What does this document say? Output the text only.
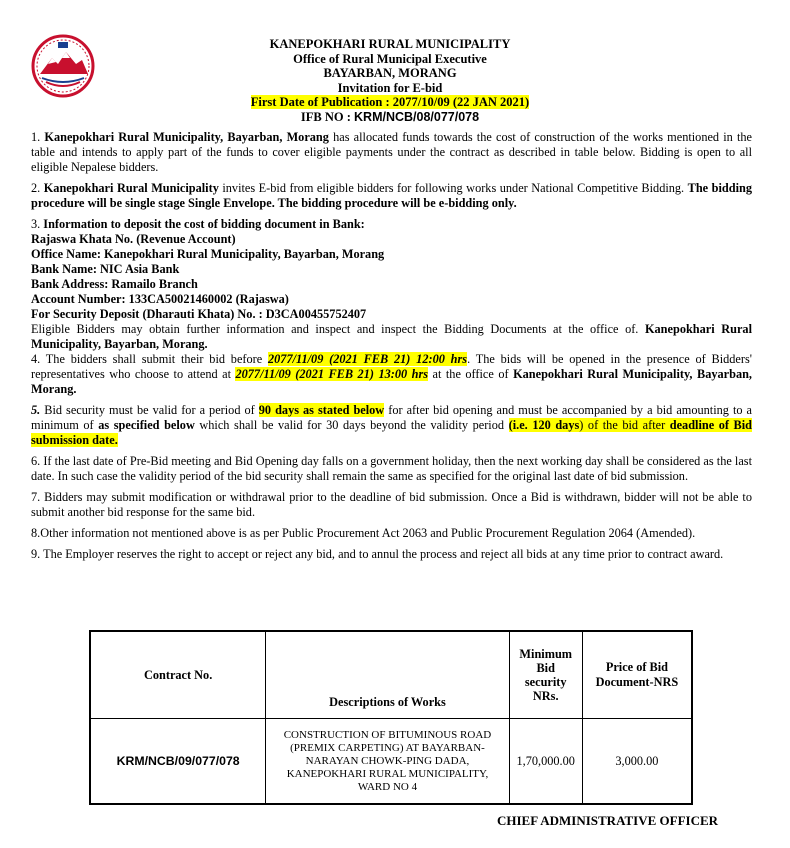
KANEPOKHARI RURAL MUNICIPALITY
Office of Rural Municipal Executive
BAYARBAN, MORANG
Invitation for E-bid
First Date of Publication : 2077/10/09 (22 JAN 2021)
IFB NO : KRM/NCB/08/077/078

1. Kanepokhari Rural Municipality, Bayarban, Morang has allocated funds towards the cost of construction of the works mentioned in the table and intends to apply part of the funds to cover eligible payments under the contract as described in table below. Bidding is open to all eligible Nepalese bidders.

2. Kanepokhari Rural Municipality invites E-bid from eligible bidders for following works under National Competitive Bidding. The bidding procedure will be single stage Single Envelope. The bidding procedure will be e-bidding only.

3. Information to deposit the cost of bidding document in Bank:
Rajaswa Khata No. (Revenue Account)
Office Name: Kanepokhari Rural Municipality, Bayarban, Morang
Bank Name: NIC Asia Bank
Bank Address: Ramailo Branch
Account Number: 133CA50021460002 (Rajaswa)
For Security Deposit (Dharauti Khata) No. : D3CA00455752407
Eligible Bidders may obtain further information and inspect and inspect the Bidding Documents at the office of. Kanepokhari Rural Municipality, Bayarban, Morang.

4. The bidders shall submit their bid before 2077/11/09 (2021 FEB 21) 12:00 hrs. The bids will be opened in the presence of Bidders' representatives who choose to attend at 2077/11/09 (2021 FEB 21) 13:00 hrs at the office of Kanepokhari Rural Municipality, Bayarban, Morang.

5. Bid security must be valid for a period of 90 days as stated below for after bid opening and must be accompanied by a bid amounting to a minimum of as specified below which shall be valid for 30 days beyond the validity period (i.e. 120 days) of the bid after deadline of Bid submission date.

6. If the last date of Pre-Bid meeting and Bid Opening day falls on a government holiday, then the next working day shall be considered as the last date. In such case the validity period of the bid security shall remain the same as specified for the original last date of bid submission.

7. Bidders may submit modification or withdrawal prior to the deadline of bid submission. Once a Bid is withdrawn, bidder will not be able to submit another bid response for the same bid.

8.Other information not mentioned above is as per Public Procurement Act 2063 and Public Procurement Regulation 2064 (Amended).

9. The Employer reserves the right to accept or reject any bid, and to annul the process and reject all bids at any time prior to contract award.

Contract No.	Descriptions of Works	Minimum
Bid
security
NRs.	Price of Bid
Document-NRS
KRM/NCB/09/077/078	CONSTRUCTION OF BITUMINOUS ROAD (PREMIX CARPETING) AT BAYARBAN-NARAYAN CHOWK-PING DADA, KANEPOKHARI RURAL MUNICIPALITY, WARD NO 4	1,70,000.00	3,000.00
CHIEF ADMINISTRATIVE OFFICER
